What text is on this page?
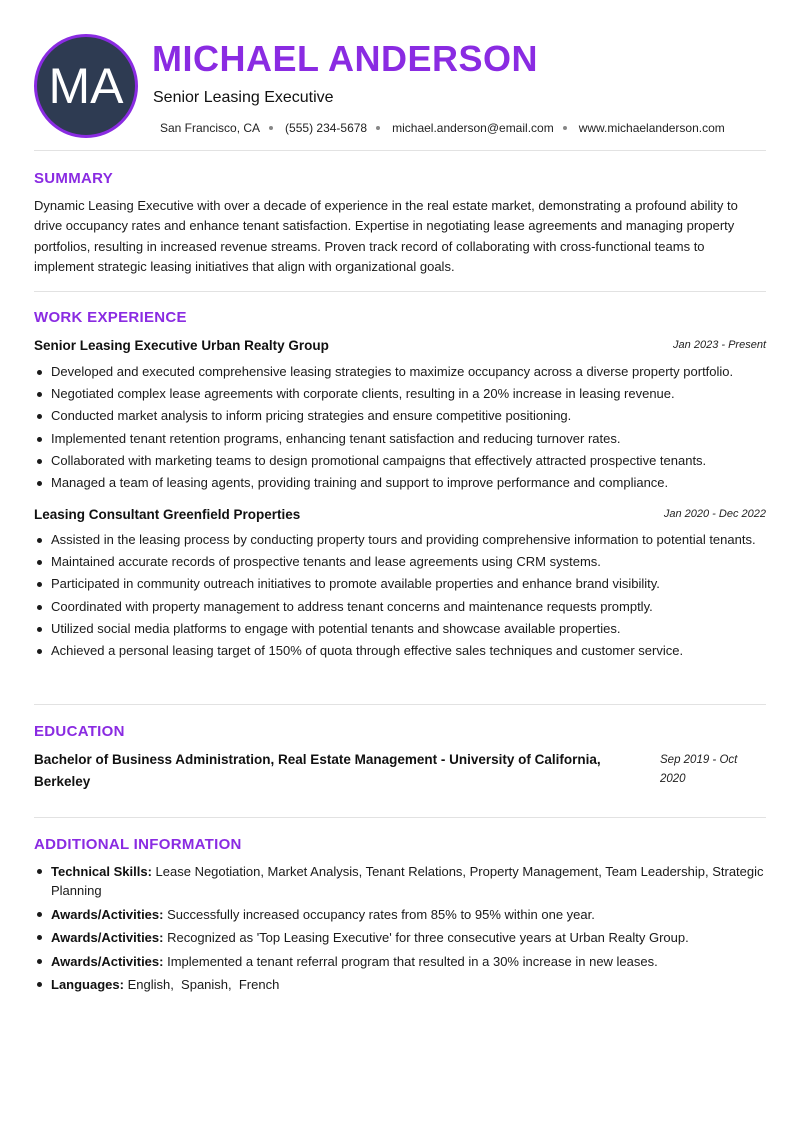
MA MICHAEL ANDERSON
Senior Leasing Executive
San Francisco, CA (555) 234-5678 michael.anderson@email.com www.michaelanderson.com
SUMMARY
Dynamic Leasing Executive with over a decade of experience in the real estate market, demonstrating a profound ability to drive occupancy rates and enhance tenant satisfaction. Expertise in negotiating lease agreements and managing property portfolios, resulting in increased revenue streams. Proven track record of collaborating with cross-functional teams to implement strategic leasing initiatives that align with organizational goals.
WORK EXPERIENCE
Senior Leasing Executive Urban Realty Group	Jan 2023 - Present
Developed and executed comprehensive leasing strategies to maximize occupancy across a diverse property portfolio.
Negotiated complex lease agreements with corporate clients, resulting in a 20% increase in leasing revenue.
Conducted market analysis to inform pricing strategies and ensure competitive positioning.
Implemented tenant retention programs, enhancing tenant satisfaction and reducing turnover rates.
Collaborated with marketing teams to design promotional campaigns that effectively attracted prospective tenants.
Managed a team of leasing agents, providing training and support to improve performance and compliance.
Leasing Consultant Greenfield Properties	Jan 2020 - Dec 2022
Assisted in the leasing process by conducting property tours and providing comprehensive information to potential tenants.
Maintained accurate records of prospective tenants and lease agreements using CRM systems.
Participated in community outreach initiatives to promote available properties and enhance brand visibility.
Coordinated with property management to address tenant concerns and maintenance requests promptly.
Utilized social media platforms to engage with potential tenants and showcase available properties.
Achieved a personal leasing target of 150% of quota through effective sales techniques and customer service.
EDUCATION
Bachelor of Business Administration, Real Estate Management - University of California, Berkeley
Sep 2019 - Oct 2020
ADDITIONAL INFORMATION
Technical Skills: Lease Negotiation, Market Analysis, Tenant Relations, Property Management, Team Leadership, Strategic Planning
Awards/Activities: Successfully increased occupancy rates from 85% to 95% within one year.
Awards/Activities: Recognized as 'Top Leasing Executive' for three consecutive years at Urban Realty Group.
Awards/Activities: Implemented a tenant referral program that resulted in a 30% increase in new leases.
Languages: English,  Spanish,  French
